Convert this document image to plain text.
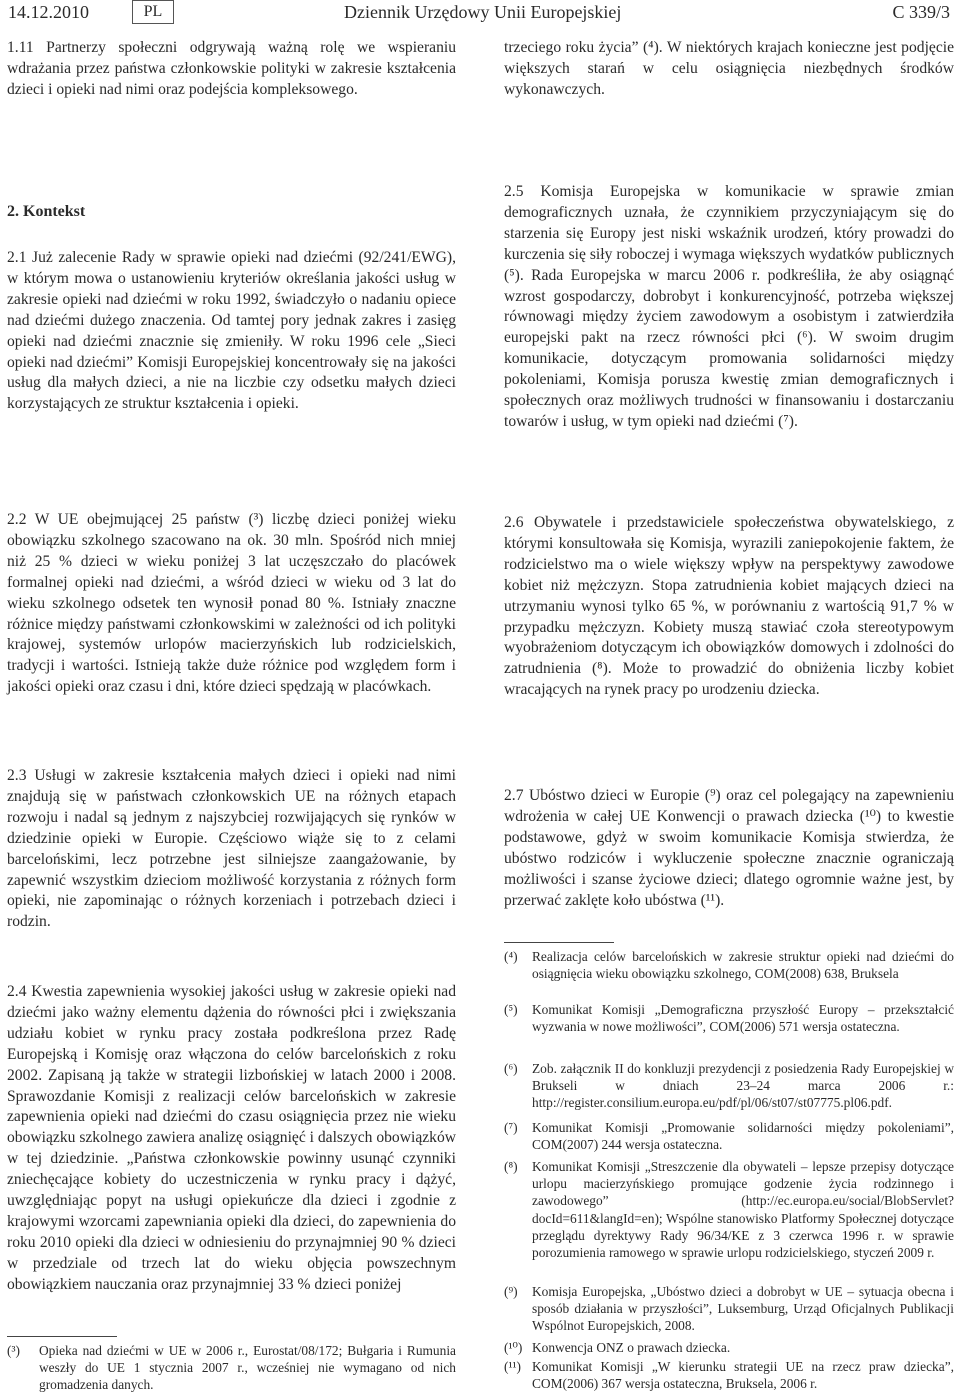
14.12.2010	PL	Dziennik Urzędowy Unii Europejskiej	C 339/3

1.11 Partnerzy społeczni odgrywają ważną rolę we wspieraniu wdrażania przez państwa członkowskie polityki w zakresie kształcenia dzieci i opieki nad nimi oraz podejścia kompleksowego.

trzeciego roku życia” (⁴). W niektórych krajach konieczne jest podjęcie większych starań w celu osiągnięcia niezbędnych środków wykonawczych.

2. Kontekst

2.1 Już zalecenie Rady w sprawie opieki nad dziećmi (92/241/EWG), w którym mowa o ustanowieniu kryteriów określania jakości usług w zakresie opieki nad dziećmi w roku 1992, świadczyło o nadaniu opiece nad dziećmi dużego znaczenia. Od tamtej pory jednak zakres i zasięg opieki nad dziećmi znacznie się zmieniły. W roku 1996 cele „Sieci opieki nad dziećmi” Komisji Europejskiej koncentrowały się na jakości usług dla małych dzieci, a nie na liczbie czy odsetku małych dzieci korzystających ze struktur kształcenia i opieki.

2.5 Komisja Europejska w komunikacie w sprawie zmian demograficznych uznała, że czynnikiem przyczyniającym się do starzenia się Europy jest niski wskaźnik urodzeń, który prowadzi do kurczenia się siły roboczej i wymaga większych wydatków publicznych (⁵). Rada Europejska w marcu 2006 r. podkreśliła, że aby osiągnąć wzrost gospodarczy, dobrobyt i konkurencyjność, potrzeba większej równowagi między życiem zawodowym a osobistym i zatwierdziła europejski pakt na rzecz równości płci (⁶). W swoim drugim komunikacie, dotyczącym promowania solidarności między pokoleniami, Komisja porusza kwestię zmian demograficznych i społecznych oraz możliwych trudności w finansowaniu i dostarczaniu towarów i usług, w tym opieki nad dziećmi (⁷).

2.2 W UE obejmującej 25 państw (³) liczbę dzieci poniżej wieku obowiązku szkolnego szacowano na ok. 30 mln. Spośród nich mniej niż 25 % dzieci w wieku poniżej 3 lat uczęszczało do placówek formalnej opieki nad dziećmi, a wśród dzieci w wieku od 3 lat do wieku szkolnego odsetek ten wynosił ponad 80 %. Istniały znaczne różnice między państwami członkowskimi w zależności od ich polityki krajowej, systemów urlopów macierzyńskich lub rodzicielskich, tradycji i wartości. Istnieją także duże różnice pod względem form i jakości opieki oraz czasu i dni, które dzieci spędzają w placówkach.

2.6 Obywatele i przedstawiciele społeczeństwa obywatelskiego, z którymi konsultowała się Komisja, wyrazili zaniepokojenie faktem, że rodzicielstwo ma o wiele większy wpływ na perspektywy zawodowe kobiet niż mężczyzn. Stopa zatrudnienia kobiet mających dzieci na utrzymaniu wynosi tylko 65 %, w porównaniu z wartością 91,7 % w przypadku mężczyzn. Kobiety muszą stawiać czoła stereotypowym wyobrażeniom dotyczącym ich obowiązków domowych i zdolności do zatrudnienia (⁸). Może to prowadzić do obniżenia liczby kobiet wracających na rynek pracy po urodzeniu dziecka.

2.3 Usługi w zakresie kształcenia małych dzieci i opieki nad nimi znajdują się w państwach członkowskich UE na różnych etapach rozwoju i nadal są jednym z najszybciej rozwijających się rynków w dziedzinie opieki w Europie. Częściowo wiąże się to z celami barcelońskimi, lecz potrzebne jest silniejsze zaangażowanie, by zapewnić wszystkim dzieciom możliwość korzystania z różnych form opieki, nie zapominając o różnych korzeniach i potrzebach dzieci i rodzin.

2.7 Ubóstwo dzieci w Europie (⁹) oraz cel polegający na zapewnieniu wdrożenia w całej UE Konwencji o prawach dziecka (¹⁰) to kwestie podstawowe, gdyż w swoim komunikacie Komisja stwierdza, że ubóstwo rodziców i wykluczenie społeczne znacznie ograniczają możliwości i szanse życiowe dzieci; dlatego ogromnie ważne jest, by przerwać zaklęte koło ubóstwa (¹¹).

2.4 Kwestia zapewnienia wysokiej jakości usług w zakresie opieki nad dziećmi jako ważny elementu dążenia do równości płci i zwiększania udziału kobiet w rynku pracy została podkreślona przez Radę Europejską i Komisję oraz włączona do celów barcelońskich z roku 2002. Zapisaną ją także w strategii lizbońskiej w latach 2000 i 2008. Sprawozdanie Komisji z realizacji celów barcelońskich w zakresie zapewnienia opieki nad dziećmi do czasu osiągnięcia przez nie wieku obowiązku szkolnego zawiera analizę osiągnięć i dalszych obowiązków w tej dziedzinie. „Państwa członkowskie powinny usunąć czynniki zniechęcające kobiety do uczestniczenia w rynku pracy i dążyć, uwzględniając popyt na usługi opiekuńcze dla dzieci i zgodnie z krajowymi wzorcami zapewniania opieki dla dzieci, do zapewnienia do roku 2010 opieki dla dzieci w odniesieniu do przynajmniej 90 % dzieci w przedziale od trzech lat do wieku objęcia powszechnym obowiązkiem nauczania oraz przynajmniej 33 % dzieci poniżej

(³)	Opieka nad dziećmi w UE w 2006 r., Eurostat/08/172; Bułgaria i Rumunia weszły do UE 1 stycznia 2007 r., wcześniej nie wymagano od nich gromadzenia danych.
(⁴)	Realizacja celów barcelońskich w zakresie struktur opieki nad dziećmi do osiągnięcia wieku obowiązku szkolnego, COM(2008) 638, Bruksela
(⁵)	Komunikat Komisji „Demograficzna przyszłość Europy – przekształcić wyzwania w nowe możliwości”, COM(2006) 571 wersja ostateczna.
(⁶)	Zob. załącznik II do konkluzji prezydencji z posiedzenia Rady Europejskiej w Brukseli w dniach 23–24 marca 2006 r.: http://register.consilium.europa.eu/pdf/pl/06/st07/st07775.pl06.pdf.
(⁷)	Komunikat Komisji „Promowanie solidarności między pokoleniami”, COM(2007) 244 wersja ostateczna.
(⁸)	Komunikat Komisji „Streszczenie dla obywateli – lepsze przepisy dotyczące urlopu macierzyńskiego promujące godzenie życia rodzinnego i zawodowego” (http://ec.europa.eu/social/BlobServlet?docId=611&langId=en); Wspólne stanowisko Platformy Społecznej dotyczące przeglądu dyrektywy Rady 96/34/KE z 3 czerwca 1996 r. w sprawie porozumienia ramowego w sprawie urlopu rodzicielskiego, styczeń 2009 r.
(⁹)	Komisja Europejska, „Ubóstwo dzieci a dobrobyt w UE – sytuacja obecna i sposób działania w przyszłości”, Luksemburg, Urząd Oficjalnych Publikacji Wspólnot Europejskich, 2008.
(¹⁰) Konwencja ONZ o prawach dziecka.
(¹¹) Komunikat Komisji „W kierunku strategii UE na rzecz praw dziecka”, COM(2006) 367 wersja ostateczna, Bruksela, 2006 r.
